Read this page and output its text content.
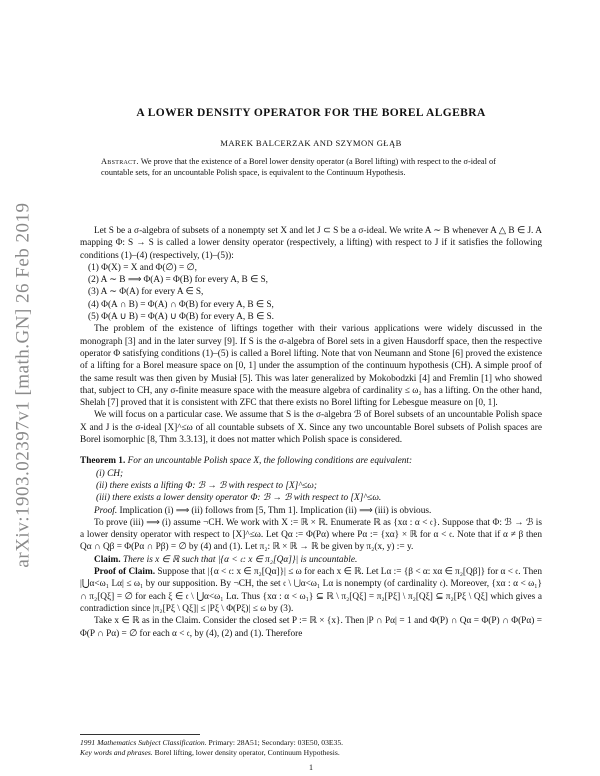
arXiv:1903.02397v1 [math.GN] 26 Feb 2019
A LOWER DENSITY OPERATOR FOR THE BOREL ALGEBRA
MAREK BALCERZAK AND SZYMON GŁĄB
Abstract. We prove that the existence of a Borel lower density operator (a Borel lifting) with respect to the σ-ideal of countable sets, for an uncountable Polish space, is equivalent to the Continuum Hypothesis.

Let S be a σ-algebra of subsets of a nonempty set X and let J ⊂ S be a σ-ideal. We write A ∼ B whenever A △ B ∈ J. A mapping Φ: S → S is called a lower density operator (respectively, a lifting) with respect to J if it satisfies the following conditions (1)–(4) (respectively, (1)–(5)):

(1) Φ(X) = X and Φ(∅) = ∅,
(2) A ∼ B ⟹ Φ(A) = Φ(B) for every A, B ∈ S,
(3) A ∼ Φ(A) for every A ∈ S,
(4) Φ(A ∩ B) = Φ(A) ∩ Φ(B) for every A, B ∈ S,
(5) Φ(A ∪ B) = Φ(A) ∪ Φ(B) for every A, B ∈ S.

The problem of the existence of liftings together with their various applications were widely discussed in the monograph [3] and in the later survey [9]. If S is the σ-algebra of Borel sets in a given Hausdorff space, then the respective operator Φ satisfying conditions (1)–(5) is called a Borel lifting. Note that von Neumann and Stone [6] proved the existence of a lifting for a Borel measure space on [0, 1] under the assumption of the continuum hypothesis (CH). A simple proof of the same result was then given by Musiał [5]. This was later generalized by Mokobodzki [4] and Fremlin [1] who showed that, subject to CH, any σ-finite measure space with the measure algebra of cardinality ≤ ω₂ has a lifting. On the other hand, Shelah [7] proved that it is consistent with ZFC that there exists no Borel lifting for Lebesgue measure on [0, 1].

We will focus on a particular case. We assume that S is the σ-algebra ℬ of Borel subsets of an uncountable Polish space X and J is the σ-ideal [X]^≤ω of all countable subsets of X. Since any two uncountable Borel subsets of Polish spaces are Borel isomorphic [8, Thm 3.3.13], it does not matter which Polish space is considered.

Theorem 1. For an uncountable Polish space X, the following conditions are equivalent:

(i) CH;
(ii) there exists a lifting Φ: ℬ → ℬ with respect to [X]^≤ω;
(iii) there exists a lower density operator Φ: ℬ → ℬ with respect to [X]^≤ω.

Proof. Implication (i) ⟹ (ii) follows from [5, Thm 1]. Implication (ii) ⟹ (iii) is obvious.

To prove (iii) ⟹ (i) assume ¬CH. We work with X := ℝ × ℝ. Enumerate ℝ as {xα : α < 𝔠}. Suppose that Φ: ℬ → ℬ is a lower density operator with respect to [X]^≤ω. Let Qα := Φ(Pα) where Pα := {xα} × ℝ for α < 𝔠. Note that if α ≠ β then Qα ∩ Qβ = Φ(Pα ∩ Pβ) = ∅ by (4) and (1). Let π₂: ℝ × ℝ → ℝ be given by π₂(x, y) := y.

Claim. There is x ∈ ℝ such that |{α < 𝔠: x ∈ π₂[Qα]}| is uncountable.

Proof of Claim. Suppose that |{α < 𝔠: x ∈ π₂[Qα]}| ≤ ω for each x ∈ ℝ. Let Lα := {β < α: xα ∈ π₂[Qβ]} for α < 𝔠. Then |⋃α<ω₁ Lα| ≤ ω₁ by our supposition. By ¬CH, the set 𝔠 \ ⋃α<ω₁ Lα is nonempty (of cardinality 𝔠). Moreover, {xα : α < ω₁} ∩ π₂[Qξ] = ∅ for each ξ ∈ 𝔠 \ ⋃α<ω₁ Lα. Thus {xα : α < ω₁} ⊆ ℝ \ π₂[Qξ] = π₂[Pξ] \ π₂[Qξ] ⊆ π₂[Pξ \ Qξ] which gives a contradiction since |π₂[Pξ \ Qξ]| ≤ |Pξ \ Φ(Pξ)| ≤ ω by (3).

Take x ∈ ℝ as in the Claim. Consider the closed set P := ℝ × {x}. Then |P ∩ Pα| = 1 and Φ(P) ∩ Qα = Φ(P) ∩ Φ(Pα) = Φ(P ∩ Pα) = ∅ for each α < 𝔠, by (4), (2) and (1). Therefore

1991 Mathematics Subject Classification. Primary: 28A51; Secondary: 03E50, 03E35.
Key words and phrases. Borel lifting, lower density operator, Continuum Hypothesis.
1
